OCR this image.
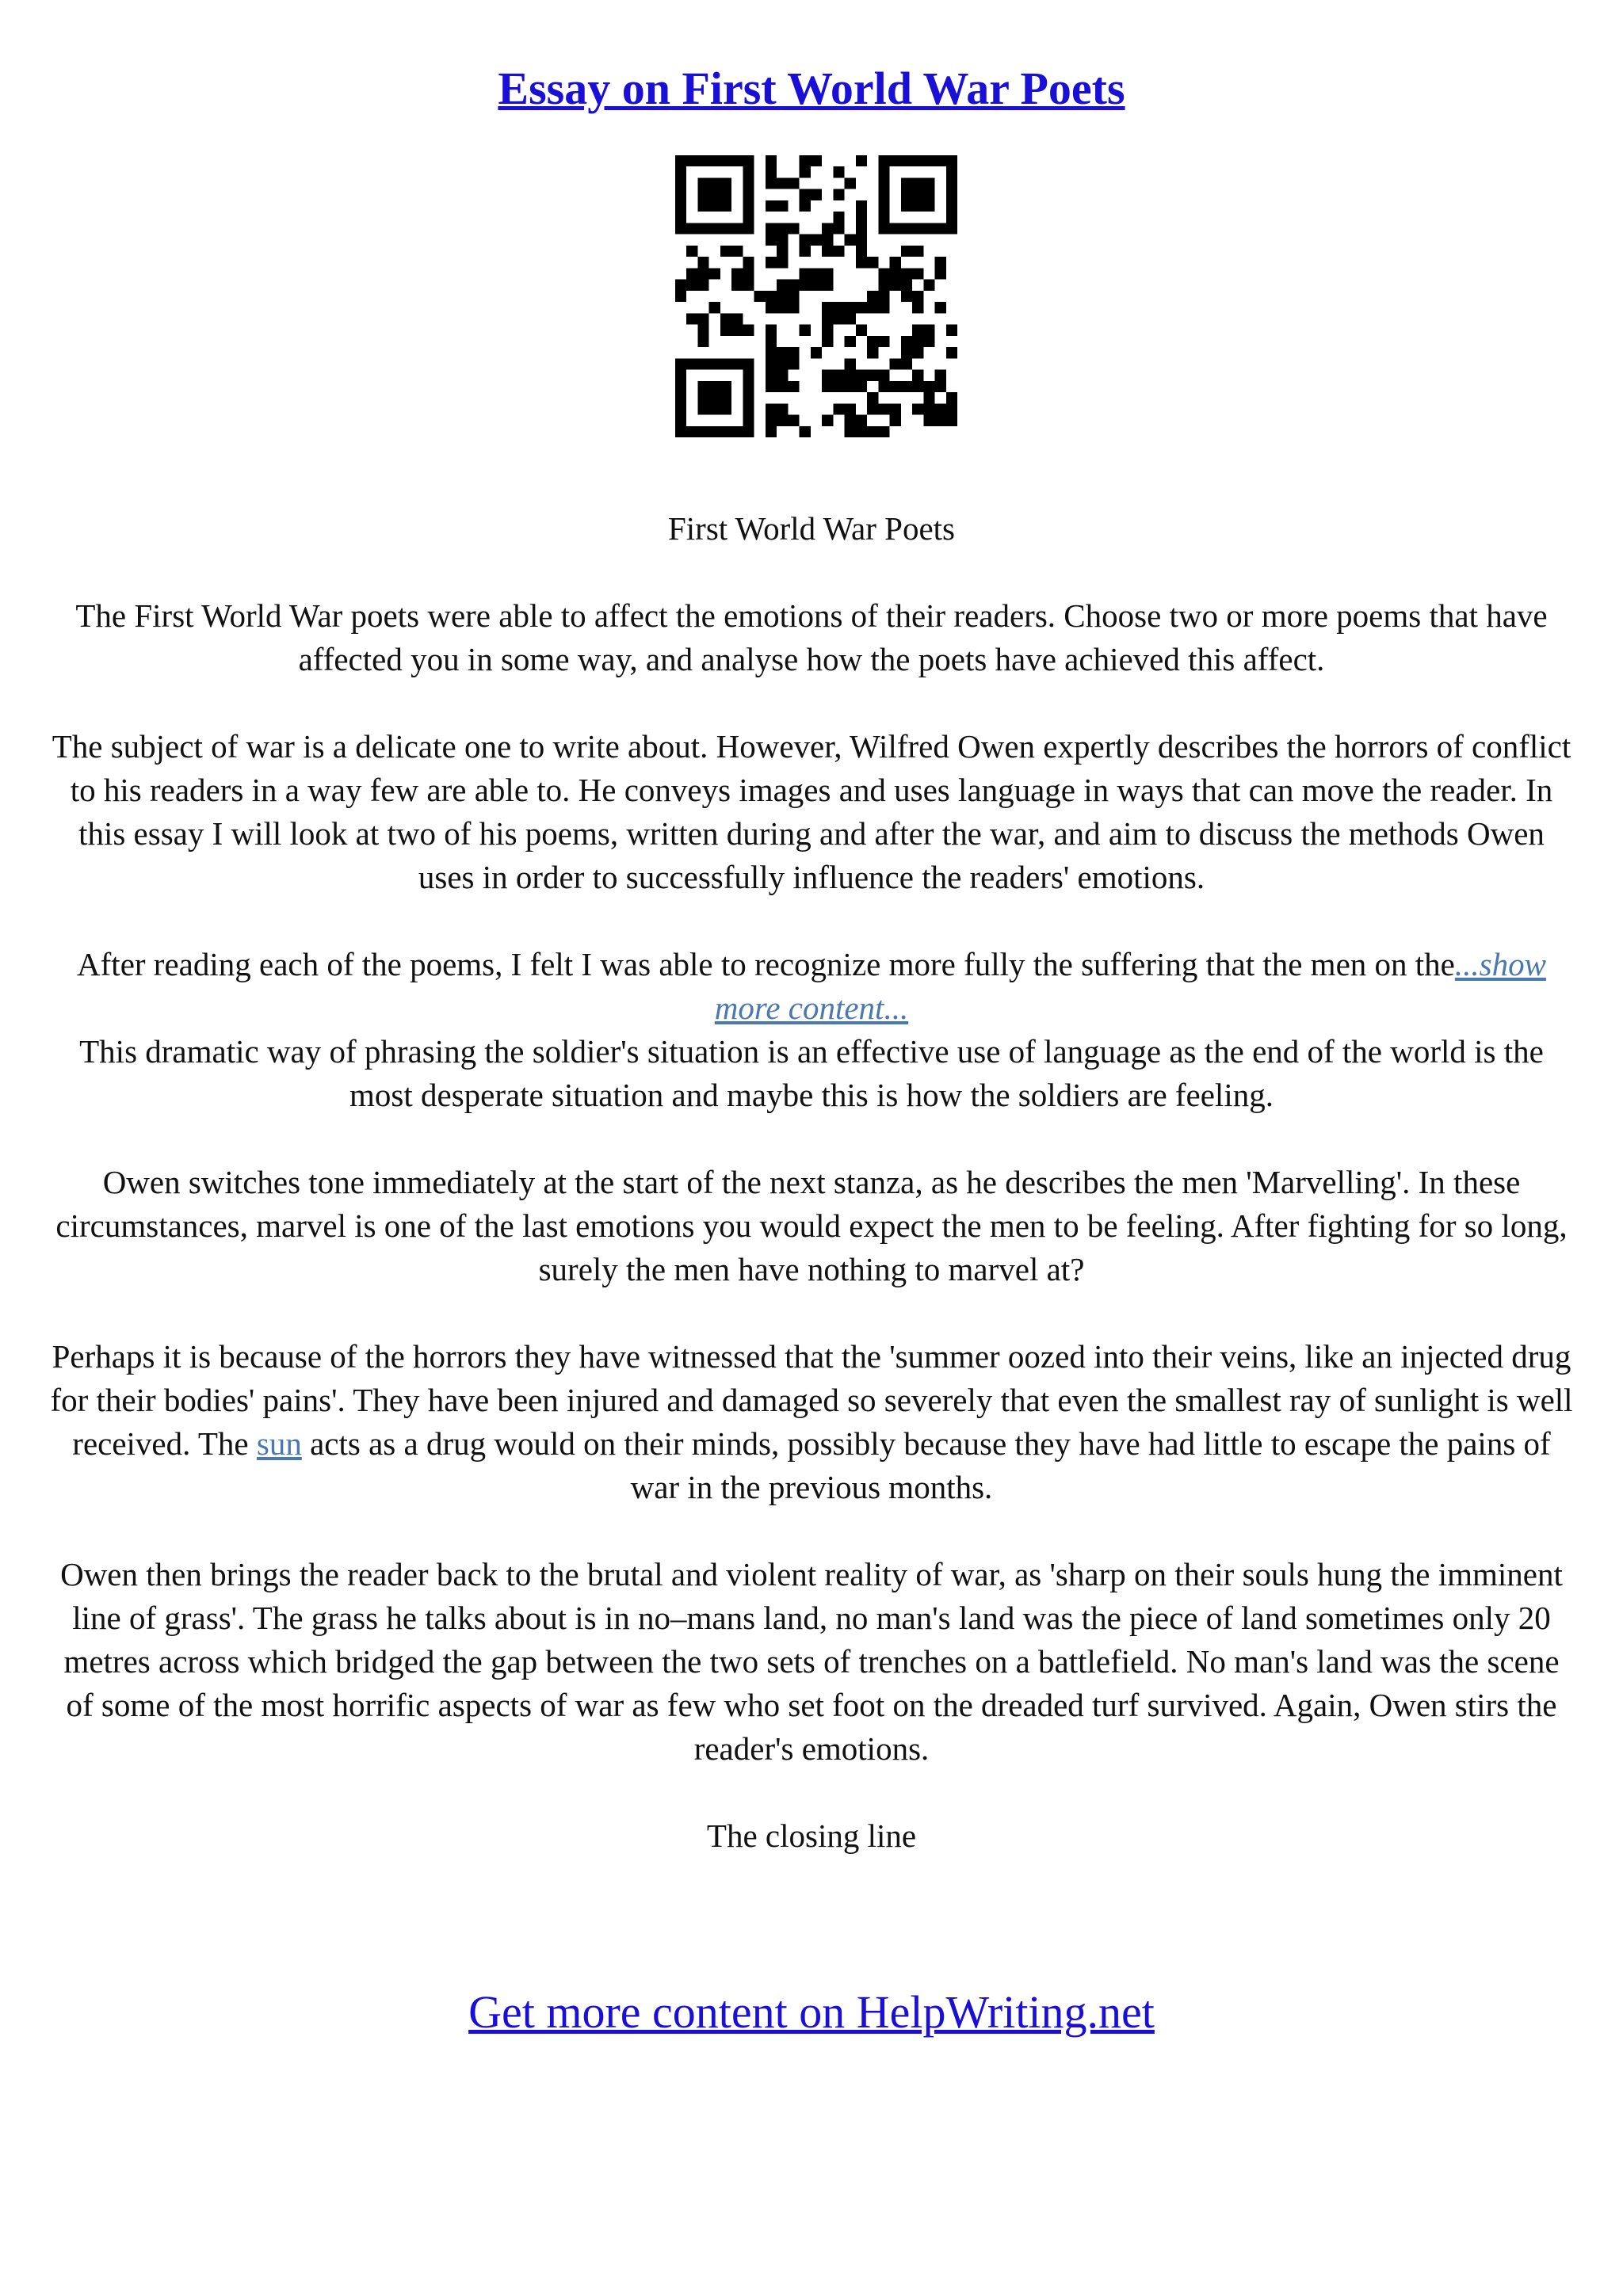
Essay on First World War Poets

First World War Poets

The First World War poets were able to affect the emotions of their readers. Choose two or more poems that have affected you in some way, and analyse how the poets have achieved this affect.

The subject of war is a delicate one to write about. However, Wilfred Owen expertly describes the horrors of conflict to his readers in a way few are able to. He conveys images and uses language in ways that can move the reader. In this essay I will look at two of his poems, written during and after the war, and aim to discuss the methods Owen uses in order to successfully influence the readers' emotions.

After reading each of the poems, I felt I was able to recognize more fully the suffering that the men on the...show more content...

This dramatic way of phrasing the soldier's situation is an effective use of language as the end of the world is the most desperate situation and maybe this is how the soldiers are feeling.

Owen switches tone immediately at the start of the next stanza, as he describes the men 'Marvelling'. In these circumstances, marvel is one of the last emotions you would expect the men to be feeling. After fighting for so long, surely the men have nothing to marvel at?

Perhaps it is because of the horrors they have witnessed that the 'summer oozed into their veins, like an injected drug for their bodies' pains'. They have been injured and damaged so severely that even the smallest ray of sunlight is well received. The sun acts as a drug would on their minds, possibly because they have had little to escape the pains of war in the previous months.

Owen then brings the reader back to the brutal and violent reality of war, as 'sharp on their souls hung the imminent line of grass'. The grass he talks about is in no–mans land, no man's land was the piece of land sometimes only 20 metres across which bridged the gap between the two sets of trenches on a battlefield. No man's land was the scene of some of the most horrific aspects of war as few who set foot on the dreaded turf survived. Again, Owen stirs the reader's emotions.

The closing line

Get more content on HelpWriting.net
